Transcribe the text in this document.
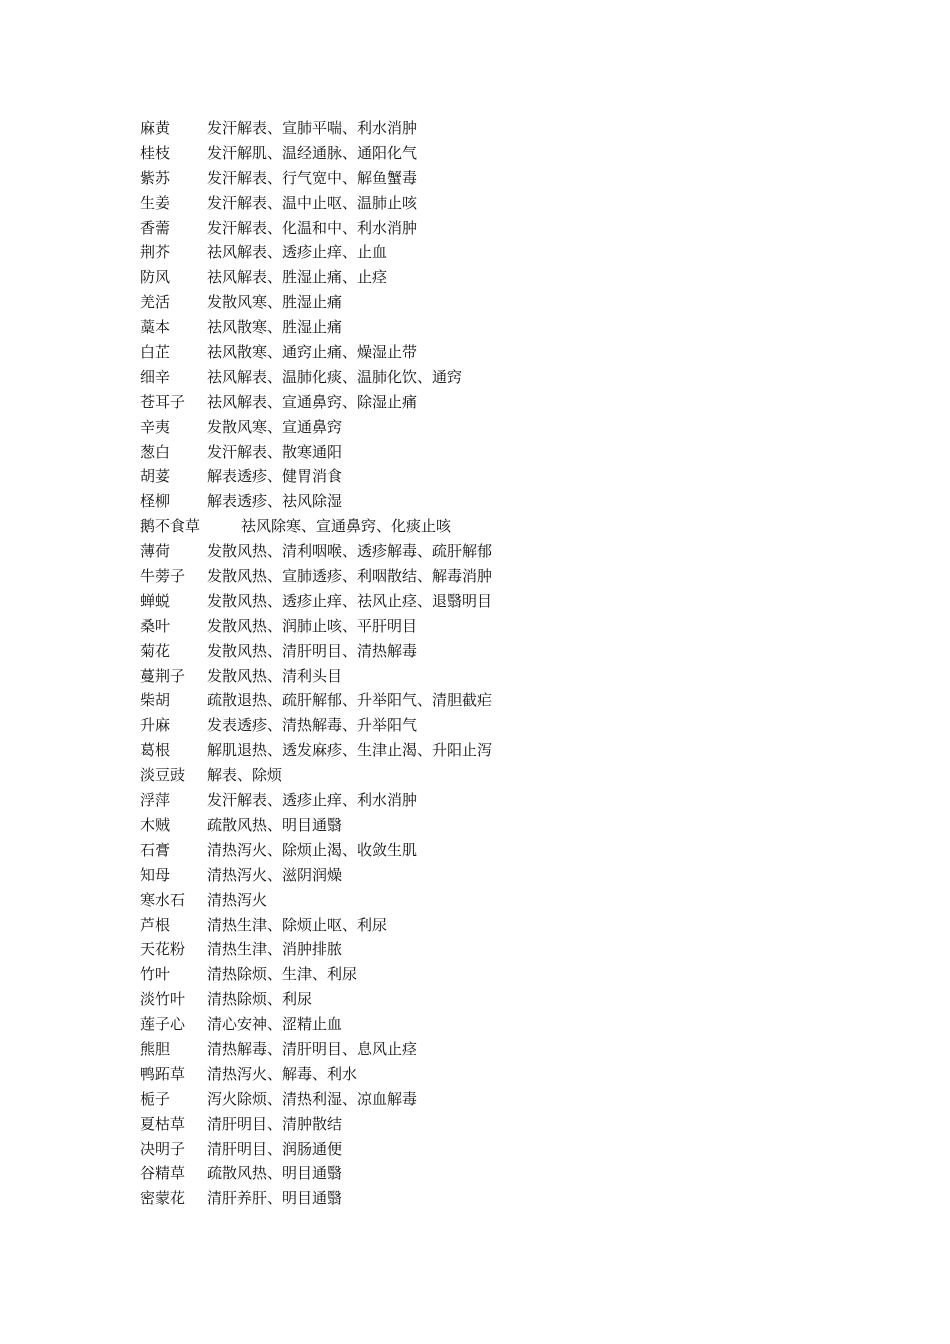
麻黄 发汗解表、宣肺平喘、利水消肿
桂枝 发汗解肌、温经通脉、通阳化气
紫苏 发汗解表、行气宽中、解鱼蟹毒
生姜 发汗解表、温中止呕、温肺止咳
香薷 发汗解表、化温和中、利水消肿
荆芥 祛风解表、透疹止痒、止血
防风 祛风解表、胜湿止痛、止痉
羌活 发散风寒、胜湿止痛
藁本 祛风散寒、胜湿止痛
白芷 祛风散寒、通窍止痛、燥湿止带
细辛 祛风解表、温肺化痰、温肺化饮、通窍
苍耳子 祛风解表、宣通鼻窍、除湿止痛
辛夷 发散风寒、宣通鼻窍
葱白 发汗解表、散寒通阳
胡荽 解表透疹、健胃消食
柽柳 解表透疹、祛风除湿
鹅不食草	祛风除寒、宣通鼻窍、化痰止咳
薄荷 发散风热、清利咽喉、透疹解毒、疏肝解郁
牛蒡子 发散风热、宣肺透疹、利咽散结、解毒消肿
蝉蜕 发散风热、透疹止痒、祛风止痉、退翳明目
桑叶 发散风热、润肺止咳、平肝明目
菊花 发散风热、清肝明目、清热解毒
蔓荆子 发散风热、清利头目
柴胡 疏散退热、疏肝解郁、升举阳气、清胆截疟
升麻 发表透疹、清热解毒、升举阳气
葛根 解肌退热、透发麻疹、生津止渴、升阳止泻
淡豆豉 解表、除烦
浮萍 发汗解表、透疹止痒、利水消肿
木贼 疏散风热、明目通翳
石膏 清热泻火、除烦止渴、收敛生肌
知母 清热泻火、滋阴润燥
寒水石 清热泻火
芦根 清热生津、除烦止呕、利尿
天花粉 清热生津、消肿排脓
竹叶 清热除烦、生津、利尿
淡竹叶 清热除烦、利尿
莲子心 清心安神、涩精止血
熊胆 清热解毒、清肝明目、息风止痉
鸭跖草 清热泻火、解毒、利水
栀子 泻火除烦、清热利湿、凉血解毒
夏枯草 清肝明目、清肿散结
决明子 清肝明目、润肠通便
谷精草 疏散风热、明目通翳
密蒙花 清肝养肝、明目通翳
